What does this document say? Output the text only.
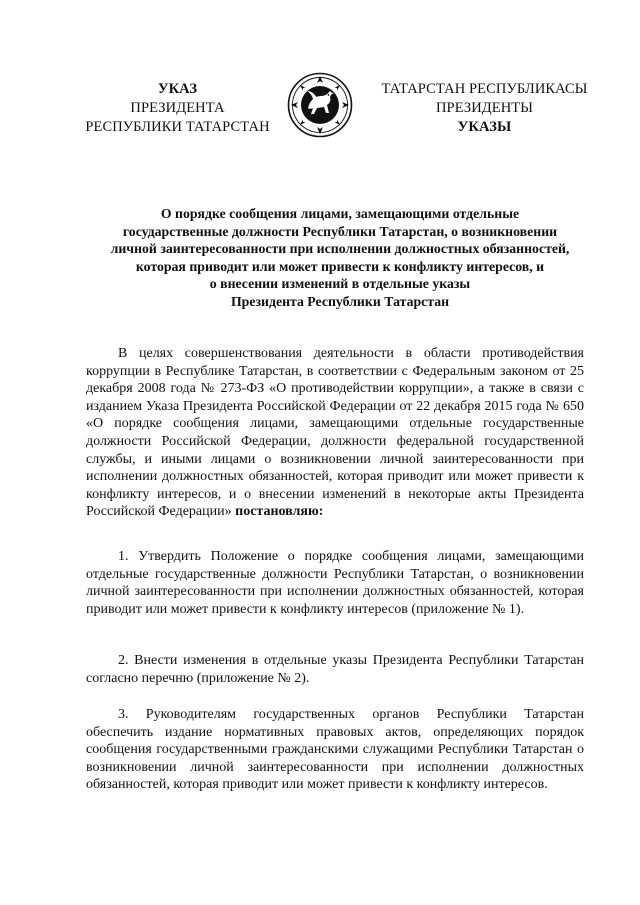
УКАЗ
ПРЕЗИДЕНТА
РЕСПУБЛИКИ ТАТАРСТАН
ТАТАРСТАН РЕСПУБЛИКАСЫ
ПРЕЗИДЕНТЫ
УКАЗЫ
О порядке сообщения лицами, замещающими отдельные
государственные должности Республики Татарстан, о возникновении
личной заинтересованности при исполнении должностных обязанностей,
которая приводит или может привести к конфликту интересов, и
о внесении изменений в отдельные указы
Президента Республики Татарстан
В целях совершенствования деятельности в области противодействия коррупции в Республике Татарстан, в соответствии с Федеральным законом от 25 декабря 2008 года № 273-ФЗ «О противодействии коррупции», а также в связи с изданием Указа Президента Российской Федерации от 22 декабря 2015 года № 650 «О порядке сообщения лицами, замещающими отдельные государственные должности Российской Федерации, должности федеральной государственной службы, и иными лицами о возникновении личной заинтересованности при исполнении должностных обязанностей, которая приводит или может привести к конфликту интересов, и о внесении изменений в некоторые акты Президента Российской Федерации» постановляю:
1. Утвердить Положение о порядке сообщения лицами, замещающими отдельные государственные должности Республики Татарстан, о возникновении личной заинтересованности при исполнении должностных обязанностей, которая приводит или может привести к конфликту интересов (приложение № 1).
2. Внести изменения в отдельные указы Президента Республики Татарстан согласно перечню (приложение № 2).
3. Руководителям государственных органов Республики Татарстан обеспечить издание нормативных правовых актов, определяющих порядок сообщения государственными гражданскими служащими Республики Татарстан о возникновении личной заинтересованности при исполнении должностных обязанностей, которая приводит или может привести к конфликту интересов.
